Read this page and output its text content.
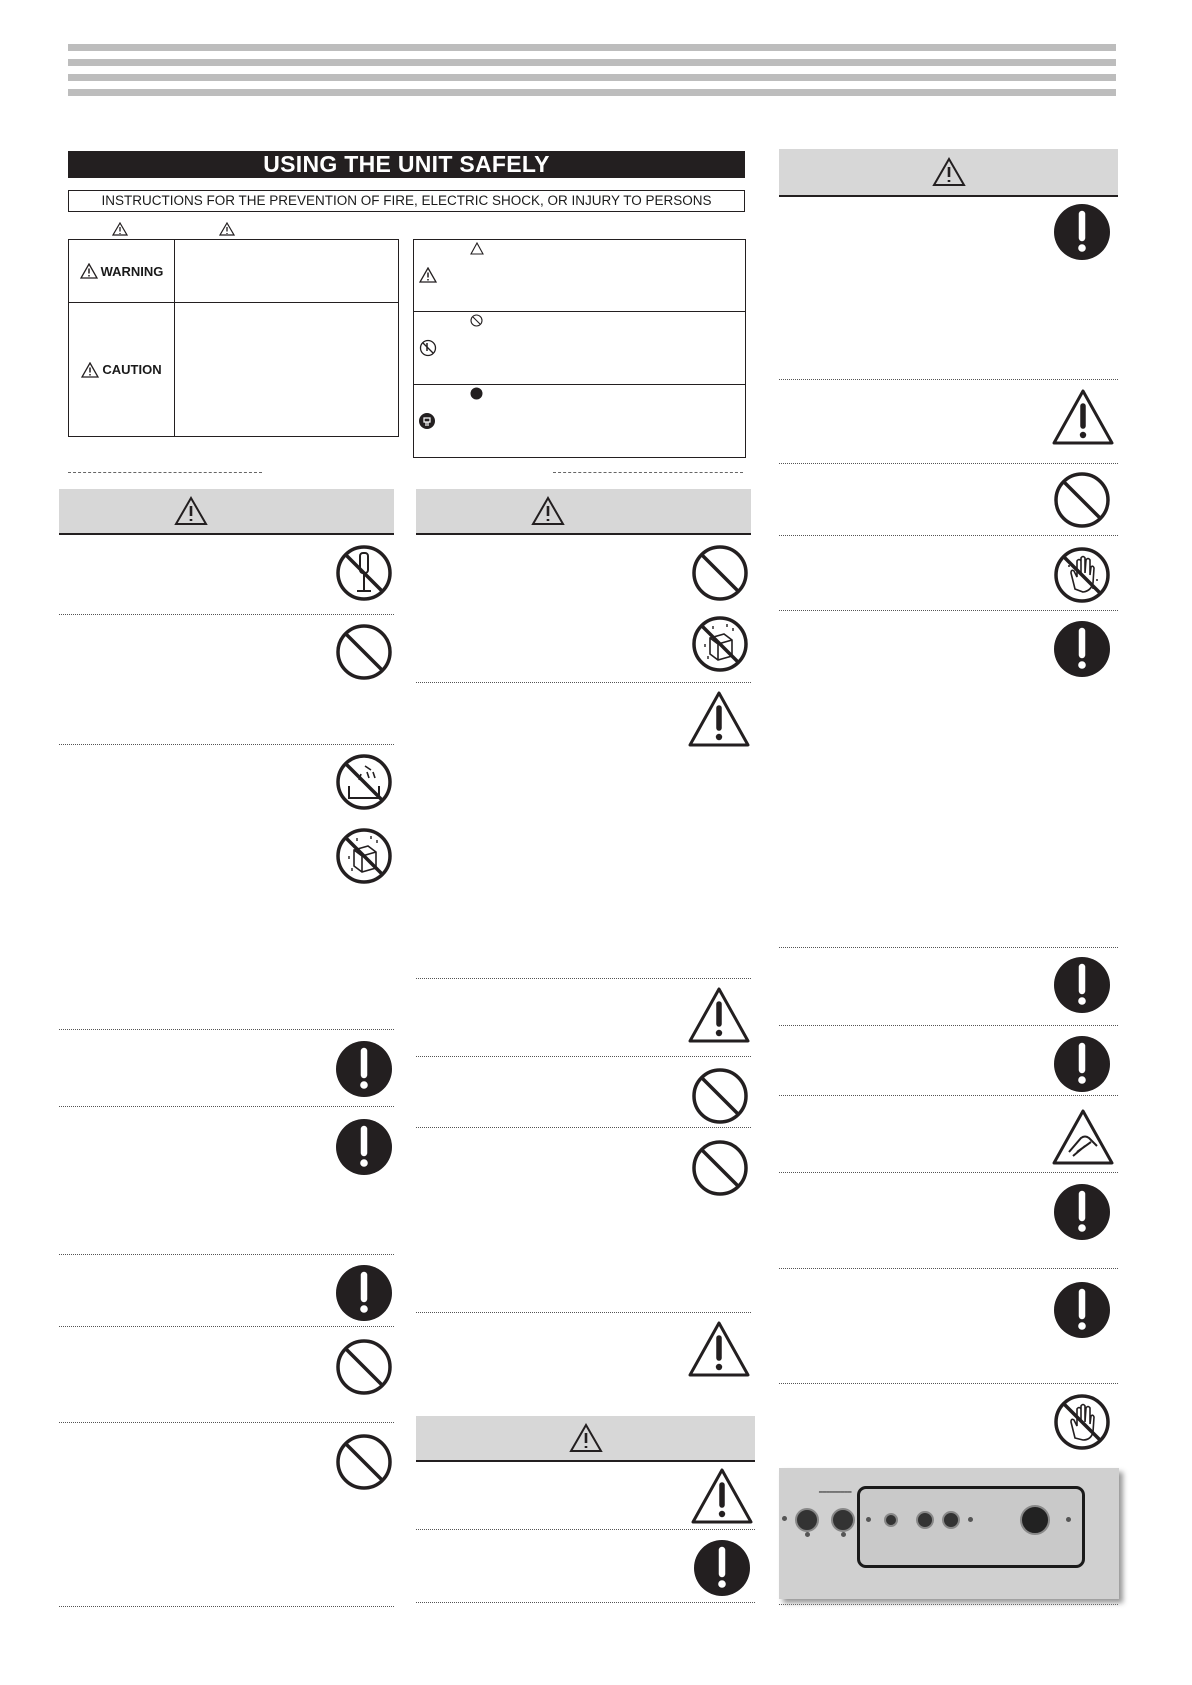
USING THE UNIT SAFELY
INSTRUCTIONS FOR THE PREVENTION OF FIRE, ELECTRIC SHOCK, OR INJURY TO PERSONS
WARNING
CAUTION
━━━━━━━━━
